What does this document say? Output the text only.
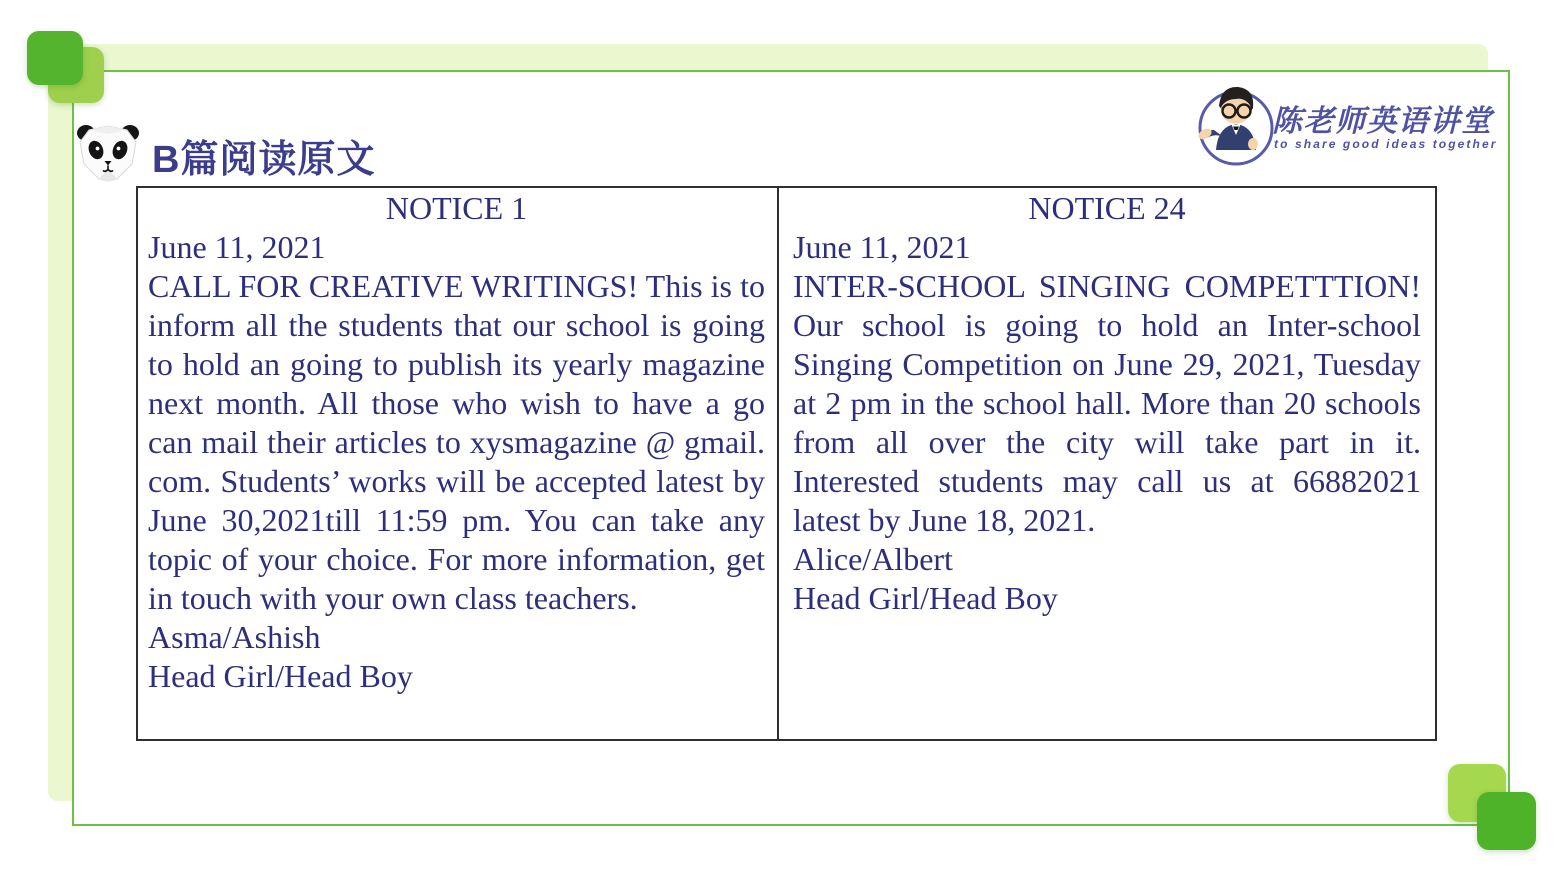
B篇阅读原文
陈老师英语讲堂
to share good ideas together

NOTICE 1

June 11, 2021

CALL FOR CREATIVE WRITINGS! This is to inform all the students that our school is going to hold an going to publish its yearly magazine next month. All those who wish to have a go can mail their articles to xysmagazine @ gmail. com. Students’ works will be accepted latest by June 30,2021till 11:59 pm. You can take any topic of your choice. For more information, get in touch with your own class teachers.

Asma/Ashish

Head Girl/Head Boy

NOTICE 24

June 11, 2021

INTER-SCHOOL SINGING COMPETTTION! Our school is going to hold an Inter-school Singing Competition on June 29, 2021, Tuesday at 2 pm in the school hall. More than 20 schools from all over the city will take part in it. Interested students may call us at 66882021 latest by June 18, 2021.

Alice/Albert

Head Girl/Head Boy
